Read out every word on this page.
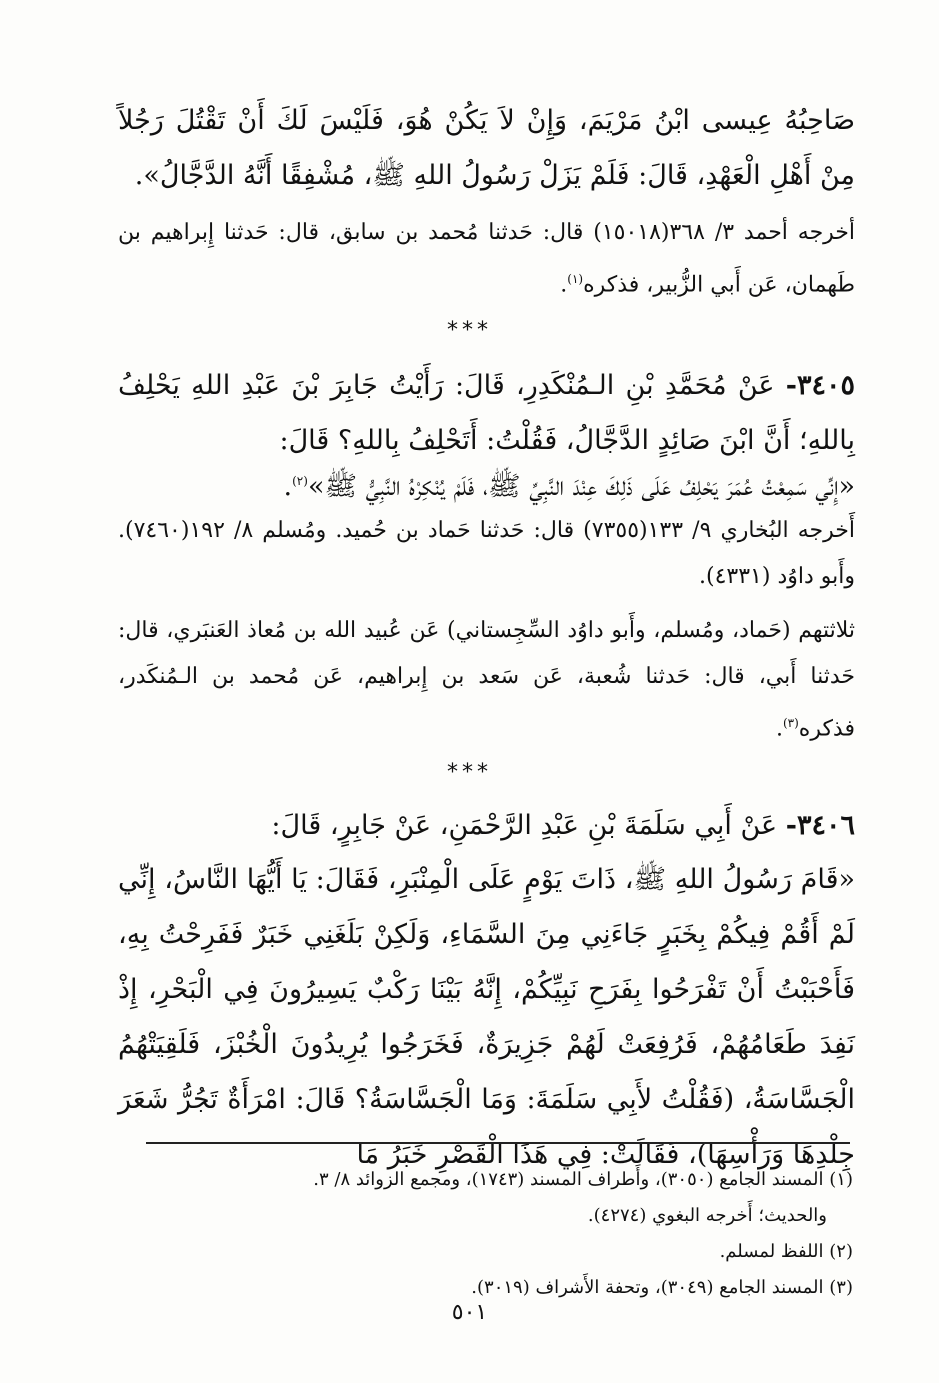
صَاحِبُهُ عِيسى ابْنُ مَرْيَمَ، وَإِنْ لاَ يَكُنْ هُوَ، فَلَيْسَ لَكَ أَنْ تَقْتُلَ رَجُلاً مِنْ أَهْلِ الْعَهْدِ، قَالَ: فَلَمْ يَزَلْ رَسُولُ اللهِ ﷺ، مُشْفِقًا أَنَّهُ الدَّجَّالُ».

أخرجه أحمد ٣/ ٣٦٨(١٥٠١٨) قال: حَدثنا مُحمد بن سابق، قال: حَدثنا إِبراهيم بن طَهمان، عَن أَبي الزُّبير، فذكره$^{(١)}$.

***

٣٤٠٥- عَنْ مُحَمَّدِ بْنِ الـمُنْكَدِرِ، قَالَ: رَأَيْتُ جَابِرَ بْنَ عَبْدِ اللهِ يَحْلِفُ بِاللهِ؛ أَنَّ ابْنَ صَائِدٍ الدَّجَّالُ، فَقُلْتُ: أَتَحْلِفُ بِاللهِ؟ قَالَ:

«إِنِّي سَمِعْتُ عُمَرَ يَحْلِفُ عَلَى ذَلِكَ عِنْدَ النَّبِيِّ ﷺ، فَلَمْ يُنْكِرْهُ النَّبِيُّ ﷺ»$^{(٢)}$.

أَخرجه البُخاري ٩/ ١٣٣(٧٣٥٥) قال: حَدثنا حَماد بن حُميد. ومُسلم ٨/ ١٩٢(٧٤٦٠). وأَبو داوُد (٤٣٣١).

ثلاثتهم (حَماد، ومُسلم، وأَبو داوُد السِّجِستاني) عَن عُبيد الله بن مُعاذ العَنبَري، قال: حَدثنا أَبي، قال: حَدثنا شُعبة، عَن سَعد بن إِبراهيم، عَن مُحمد بن الـمُنكَدر، فذكره$^{(٣)}$.

***

٣٤٠٦- عَنْ أَبِي سَلَمَةَ بْنِ عَبْدِ الرَّحْمَنِ، عَنْ جَابِرٍ، قَالَ:

«قَامَ رَسُولُ اللهِ ﷺ، ذَاتَ يَوْمٍ عَلَى الْمِنْبَرِ، فَقَالَ: يَا أَيُّهَا النَّاسُ، إِنِّي لَمْ أَقُمْ فِيكُمْ بِخَبَرٍ جَاءَنِي مِنَ السَّمَاءِ، وَلَكِنْ بَلَغَنِي خَبَرٌ فَفَرِحْتُ بِهِ، فَأَحْبَبْتُ أَنْ تَفْرَحُوا بِفَرَحِ نَبِيِّكُمْ، إِنَّهُ بَيْنَا رَكْبٌ يَسِيرُونَ فِي الْبَحْرِ، إِذْ نَفِدَ طَعَامُهُمْ، فَرُفِعَتْ لَهُمْ جَزِيرَةٌ، فَخَرَجُوا يُرِيدُونَ الْخُبْزَ، فَلَقِيَتْهُمُ الْجَسَّاسَةُ، (فَقُلْتُ لأَبِي سَلَمَةَ: وَمَا الْجَسَّاسَةُ؟ قَالَ: امْرَأَةٌ تَجُرُّ شَعَرَ جِلْدِهَا وَرَأْسِهَا)، فَقَالَتْ: فِي هَذَا الْقَصْرِ خَبَرُ مَا

(١) المسند الجامع (٣٠٥٠)، وأَطراف المسند (١٧٤٣)، ومجمع الزوائد ٨/ ٣.

والحديث؛ أَخرجه البغوي (٤٢٧٤).

(٢) اللفظ لمسلم.

(٣) المسند الجامع (٣٠٤٩)، وتحفة الأَشراف (٣٠١٩).

٥٠١
